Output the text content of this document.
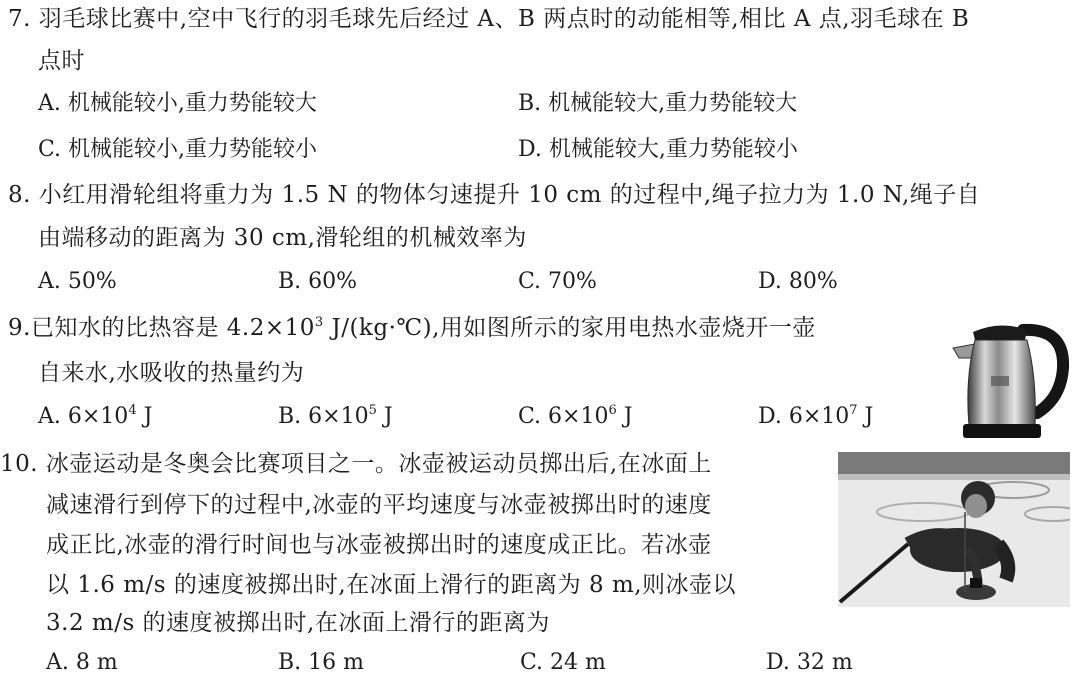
7. 羽毛球比赛中,空中飞行的羽毛球先后经过 A、B 两点时的动能相等,相比 A 点,羽毛球在 B
点时
A. 机械能较小,重力势能较大	B. 机械能较大,重力势能较大
C. 机械能较小,重力势能较小	D. 机械能较大,重力势能较小
8. 小红用滑轮组将重力为 1.5 N 的物体匀速提升 10 cm 的过程中,绳子拉力为 1.0 N,绳子自
由端移动的距离为 30 cm,滑轮组的机械效率为
A. 50%	B. 60%	C. 70%	D. 80%
9.已知水的比热容是 $4.2\times 10^3$ J/(kg·℃),用如图所示的家用电热水壶烧开一壶
自来水,水吸收的热量约为
A. $6\times 10^4$ J	B. $6\times 10^5$ J	C. $6\times 10^6$ J	D. $6\times 10^7$ J
10. 冰壶运动是冬奥会比赛项目之一。冰壶被运动员掷出后,在冰面上
减速滑行到停下的过程中,冰壶的平均速度与冰壶被掷出时的速度
成正比,冰壶的滑行时间也与冰壶被掷出时的速度成正比。若冰壶
以 1.6 m/s 的速度被掷出时,在冰面上滑行的距离为 8 m,则冰壶以
3.2 m/s 的速度被掷出时,在冰面上滑行的距离为
A. 8 m	B. 16 m	C. 24 m	D. 32 m
